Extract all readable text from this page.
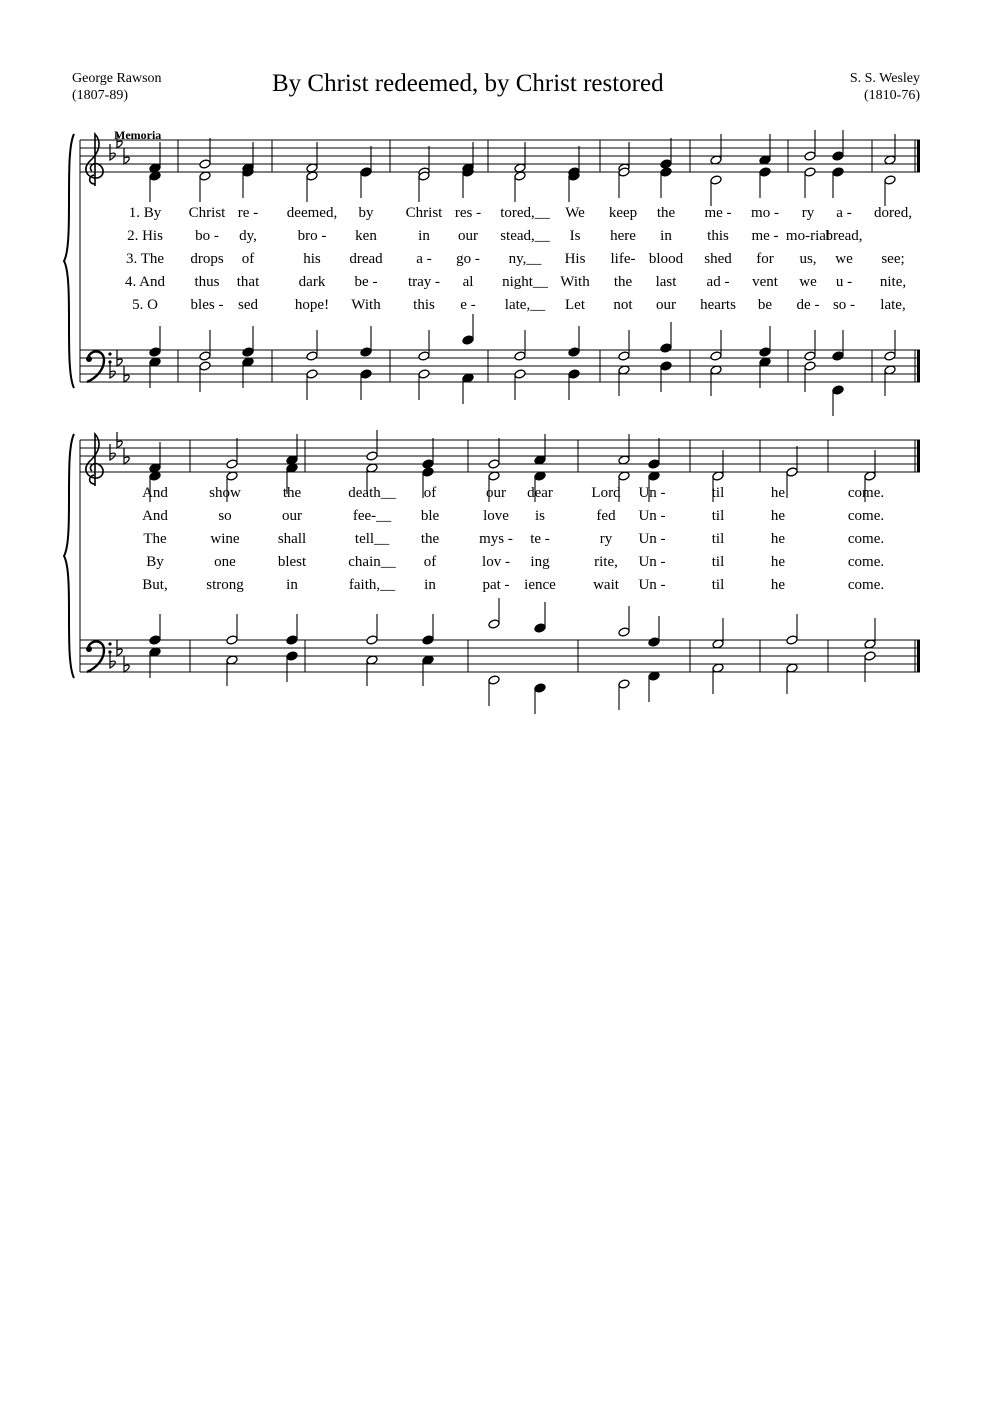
George Rawson
(1807-89)	By Christ redeemed, by Christ restored	S. S. Wesley
(1810-76)
Memoria
1. By
2. His
3. The
4. And
5. O
Christ
bo -
drops
thus
bles -
re -
dy,
of
that
sed
deemed,
bro -
his
dark
hope!
by
ken
dread
be -
With
Christ
in
a -
tray -
this
res -
our
go -
al
e -
tored,__
stead,__
ny,__
night__
late,__
We
Is
His
With
Let
keep
here
life-
the
not
the
in
blood
last
our
me -
this
shed
ad -
hearts
mo -
me -
for
vent
be
ry
mo-rial
us,
we
de -
a -
bread,
we
u -
so -
dored,
see;
nite,
late,
And
And
The
By
But,
show
so
wine
one
strong
the
our
shall
blest
in
death__
fee-__
tell__
chain__
faith,__
of
ble
the
of
in
our
love
mys -
lov -
pat -
dear
is
te -
ing
ience
Lord
fed
ry
rite,
wait
Un -
Un -
Un -
Un -
Un -
til
til
til
til
til
he
he
he
he
he
come.
come.
come.
come.
come.
